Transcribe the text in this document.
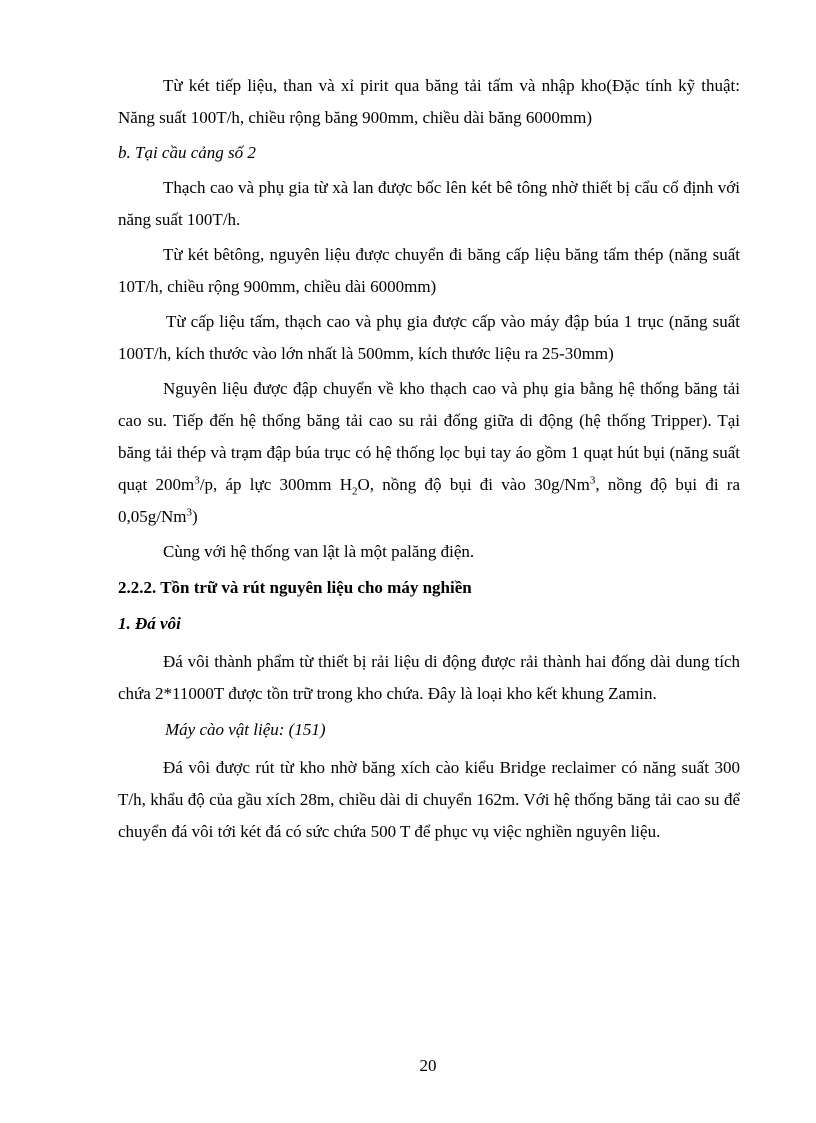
Từ két tiếp liệu, than và xỉ pirit qua băng tải tấm và nhập kho(Đặc tính kỹ thuật: Năng suất 100T/h, chiều rộng băng 900mm, chiều dài băng 6000mm)

b. Tại cầu cảng số 2

Thạch cao và phụ gia từ xà lan được bốc lên két bê tông nhờ thiết bị cẩu cố định với năng suất 100T/h.

Từ két bêtông, nguyên liệu được chuyển đi băng cấp liệu băng tấm thép (năng suất 10T/h, chiều rộng 900mm, chiều dài 6000mm)

Từ cấp liệu tấm, thạch cao và phụ gia được cấp vào máy đập búa 1 trục (năng suất 100T/h, kích thước vào lớn nhất là 500mm, kích thước liệu ra 25-30mm)

Nguyên liệu được đập chuyển về kho thạch cao và phụ gia bằng hệ thống băng tải cao su. Tiếp đến hệ thống băng tải cao su rải đống giữa di động (hệ thống Tripper). Tại băng tải thép và trạm đập búa trục có hệ thống lọc bụi tay áo gồm 1 quạt hút bụi (năng suất quạt $200m^3/p$, áp lực 300mm $H_2O$, nồng độ bụi đi vào 30g/Nm$^3$, nồng độ bụi đi ra 0,05g/Nm$^3$)

Cùng với hệ thống van lật là một palăng điện.

2.2.2. Tồn trữ và rút nguyên liệu cho máy nghiền

1. Đá vôi

Đá vôi thành phẩm từ thiết bị rải liệu di động được rải thành hai đống dài dung tích chứa 2*11000T được tồn trữ trong kho chứa. Đây là loại kho kết khung Zamin.

Máy cào vật liệu: (151)

Đá vôi được rút từ kho nhờ băng xích cào kiểu Bridge reclaimer có năng suất 300 T/h, khẩu độ của gầu xích 28m, chiều dài di chuyển 162m. Với hệ thống băng tải cao su để chuyển đá vôi tới két đá có sức chứa 500 T để phục vụ việc nghiền nguyên liệu.

20
